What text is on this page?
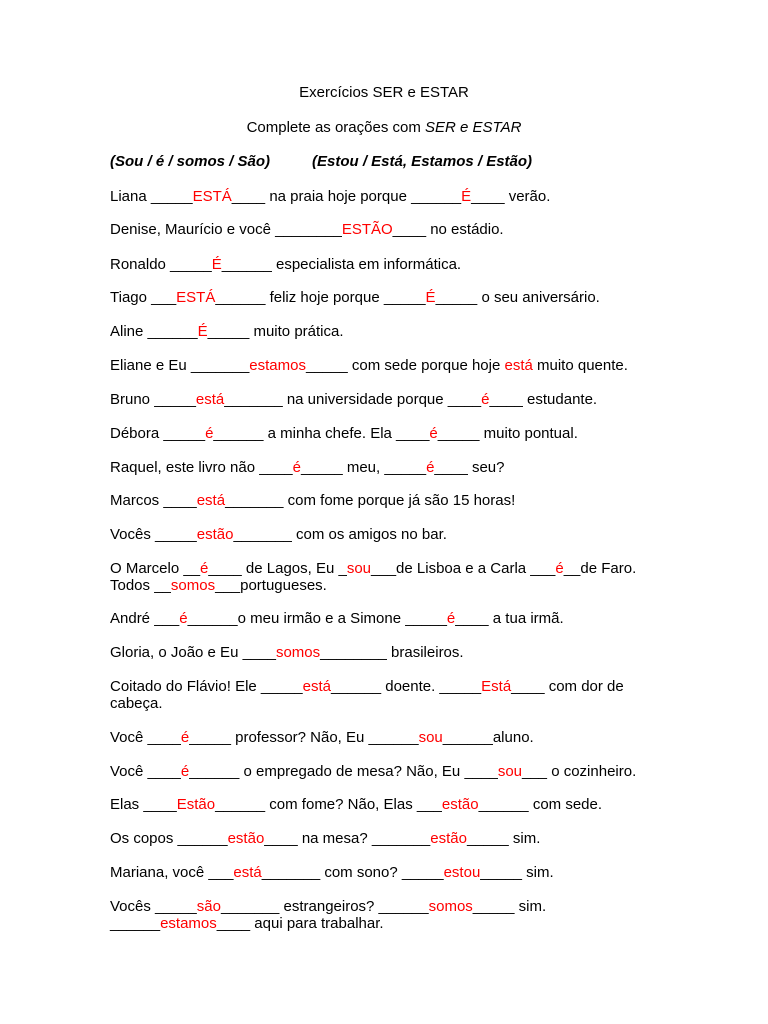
Exercícios SER e ESTAR
Complete as orações com SER e ESTAR
(Sou / é / somos / São)	(Estou / Está, Estamos / Estão)
Liana _____ESTÁ____ na praia hoje porque ______É____ verão.
Denise, Maurício e você ________ESTÃO____ no estádio.
Ronaldo _____É______ especialista em informática.
Tiago ___ESTÁ______ feliz hoje porque _____É_____ o seu aniversário.
Aline ______É_____ muito prática.
Eliane e Eu _______estamos_____ com sede porque hoje está muito quente.
Bruno _____está_______ na universidade porque ____é____ estudante.
Débora _____é______ a minha chefe. Ela ____é_____ muito pontual.
Raquel, este livro não ____é_____ meu, _____é____ seu?
Marcos ____está_______ com fome porque já são 15 horas!
Vocês _____estão_______ com os amigos no bar.
O Marcelo __é____ de Lagos, Eu _sou___de Lisboa e a Carla ___é__de Faro.
Todos __somos___portugueses.
André ___é______o meu irmão e a Simone _____é____ a tua irmã.
Gloria, o João e Eu ____somos________ brasileiros.
Coitado do Flávio! Ele _____está______ doente. _____Está____ com dor de
cabeça.
Você ____é_____ professor? Não, Eu ______sou______aluno.
Você ____é______ o empregado de mesa? Não, Eu ____sou___ o cozinheiro.
Elas ____Estão______ com fome? Não, Elas ___estão______ com sede.
Os copos ______estão____ na mesa? _______estão_____ sim.
Mariana, você ___está_______ com sono? _____estou_____ sim.
Vocês _____são_______ estrangeiros? ______somos_____ sim.
______estamos____ aqui para trabalhar.
